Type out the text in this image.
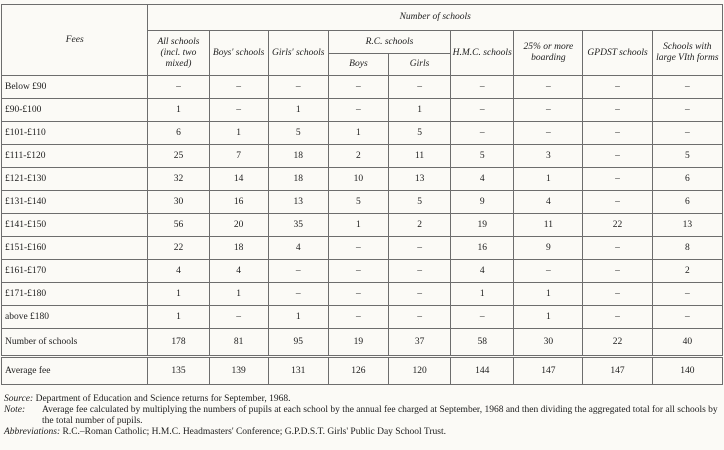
Fees	Number of schools								
	All schools (incl. two mixed)	Boys' schools	Girls' schools	R.C. schools		H.M.C. schools	25% or more boarding	GPDST schools	Schools with large VIth forms
				Boys	Girls				
Below £90	–	–	–	–	–	–	–	–	–
£90-£100	1	–	1	–	1	–	–	–	–
£101-£110	6	1	5	1	5	–	–	–	–
£111-£120	25	7	18	2	11	5	3	–	5
£121-£130	32	14	18	10	13	4	1	–	6
£131-£140	30	16	13	5	5	9	4	–	6
£141-£150	56	20	35	1	2	19	11	22	13
£151-£160	22	18	4	–	–	16	9	–	8
£161-£170	4	4	–	–	–	4	–	–	2
£171-£180	1	1	–	–	–	1	1	–	–
above £180	1	–	1	–	–	–	1	–	–
Number of schools	178	81	95	19	37	58	30	22	40
Average fee	135	139	131	126	120	144	147	147	140

Source: Department of Education and Science returns for September, 1968.

Note: Average fee calculated by multiplying the numbers of pupils at each school by the annual fee charged at September, 1968 and then dividing the aggregated total for all schools by the total number of pupils.

Abbreviations: R.C.–Roman Catholic; H.M.C. Headmasters' Conference; G.P.D.S.T. Girls' Public Day School Trust.
